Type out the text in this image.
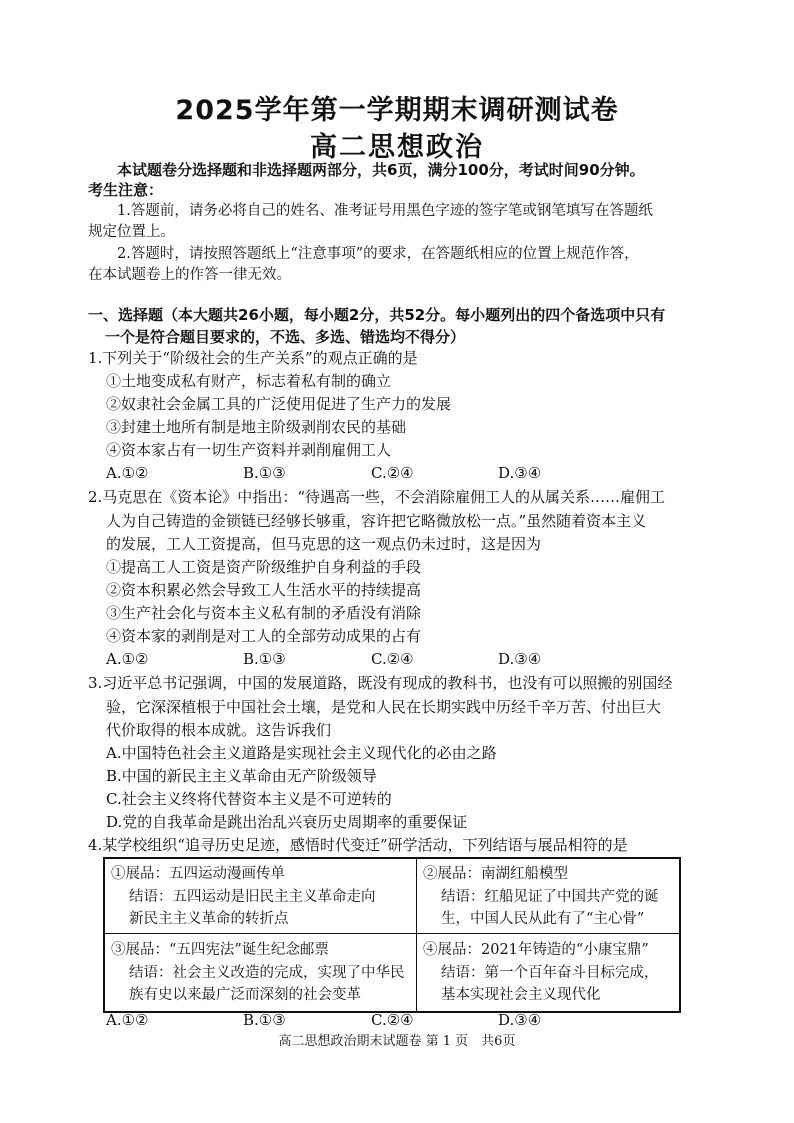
2025学年第一学期期末调研测试卷
高二思想政治
本试题卷分选择题和非选择题两部分，共6页，满分100分，考试时间90分钟。
考生注意：
1.答题前，请务必将自己的姓名、准考证号用黑色字迹的签字笔或钢笔填写在答题纸
规定位置上。
2.答题时，请按照答题纸上“注意事项”的要求，在答题纸相应的位置上规范作答，
在本试题卷上的作答一律无效。
一、选择题（本大题共26小题，每小题2分，共52分。每小题列出的四个备选项中只有
一个是符合题目要求的，不选、多选、错选均不得分）
1.下列关于“阶级社会的生产关系”的观点正确的是
①土地变成私有财产，标志着私有制的确立
②奴隶社会金属工具的广泛使用促进了生产力的发展
③封建土地所有制是地主阶级剥削农民的基础
④资本家占有一切生产资料并剥削雇佣工人
A.①②	B.①③	C.②④	D.③④
2.马克思在《资本论》中指出：“待遇高一些，不会消除雇佣工人的从属关系……雇佣工
人为自己铸造的金锁链已经够长够重，容许把它略微放松一点。”虽然随着资本主义
的发展，工人工资提高，但马克思的这一观点仍未过时，这是因为
①提高工人工资是资产阶级维护自身利益的手段
②资本积累必然会导致工人生活水平的持续提高
③生产社会化与资本主义私有制的矛盾没有消除
④资本家的剥削是对工人的全部劳动成果的占有
A.①②	B.①③	C.②④	D.③④
3.习近平总书记强调，中国的发展道路，既没有现成的教科书，也没有可以照搬的别国经
验，它深深植根于中国社会土壤，是党和人民在长期实践中历经千辛万苦、付出巨大
代价取得的根本成就。这告诉我们
A.中国特色社会主义道路是实现社会主义现代化的必由之路
B.中国的新民主主义革命由无产阶级领导
C.社会主义终将代替资本主义是不可逆转的
D.党的自我革命是跳出治乱兴衰历史周期率的重要保证
4.某学校组织“追寻历史足迹，感悟时代变迁”研学活动，下列结语与展品相符的是
①展品：五四运动漫画传单
结语：五四运动是旧民主主义革命走向
新民主主义革命的转折点
②展品：南湖红船模型
结语：红船见证了中国共产党的诞
生，中国人民从此有了“主心骨”
③展品：“五四宪法”诞生纪念邮票
结语：社会主义改造的完成，实现了中华民
族有史以来最广泛而深刻的社会变革
④展品：2021年铸造的“小康宝鼎”
结语：第一个百年奋斗目标完成，
基本实现社会主义现代化
A.①②	B.①③	C.②④	D.③④
高二思想政治期末试题卷 第 1 页　共6页
